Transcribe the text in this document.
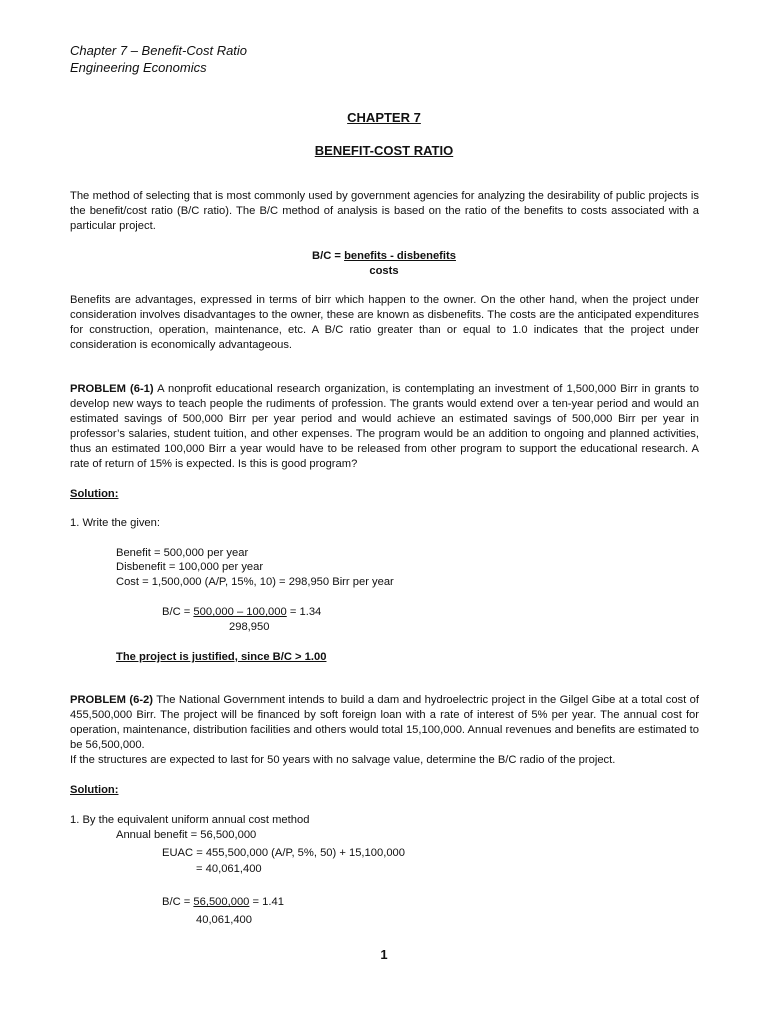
Chapter 7 – Benefit-Cost Ratio
Engineering Economics
CHAPTER 7
BENEFIT-COST RATIO
The method of selecting that is most commonly used by government agencies for analyzing the desirability of public projects is the benefit/cost ratio (B/C ratio). The B/C method of analysis is based on the ratio of the benefits to costs associated with a particular project.
B/C = benefits - disbenefits
costs
Benefits are advantages, expressed in terms of birr which happen to the owner. On the other hand, when the project under consideration involves disadvantages to the owner, these are known as disbenefits. The costs are the anticipated expenditures for construction, operation, maintenance, etc. A B/C ratio greater than or equal to 1.0 indicates that the project under consideration is economically advantageous.
PROBLEM (6-1) A nonprofit educational research organization, is contemplating an investment of 1,500,000 Birr in grants to develop new ways to teach people the rudiments of profession. The grants would extend over a ten-year period and would an estimated savings of 500,000 Birr per year period and would achieve an estimated savings of 500,000 Birr per year in professor’s salaries, student tuition, and other expenses. The program would be an addition to ongoing and planned activities, thus an estimated 100,000 Birr a year would have to be released from other program to support the educational research. A rate of return of 15% is expected. Is this is good program?
Solution:
1. Write the given:
Benefit = 500,000 per year
Disbenefit = 100,000 per year
Cost = 1,500,000 (A/P, 15%, 10) = 298,950 Birr per year
B/C = 500,000 – 100,000 = 1.34
298,950
The project is justified, since B/C > 1.00
PROBLEM (6-2) The National Government intends to build a dam and hydroelectric project in the Gilgel Gibe at a total cost of 455,500,000 Birr. The project will be financed by soft foreign loan with a rate of interest of 5% per year. The annual cost for operation, maintenance, distribution facilities and others would total 15,100,000. Annual revenues and benefits are estimated to be 56,500,000.
If the structures are expected to last for 50 years with no salvage value, determine the B/C radio of the project.
Solution:
1. By the equivalent uniform annual cost method
Annual benefit = 56,500,000
EUAC = 455,500,000 (A/P, 5%, 50) + 15,100,000
= 40,061,400
B/C = 56,500,000 = 1.41
40,061,400
1
